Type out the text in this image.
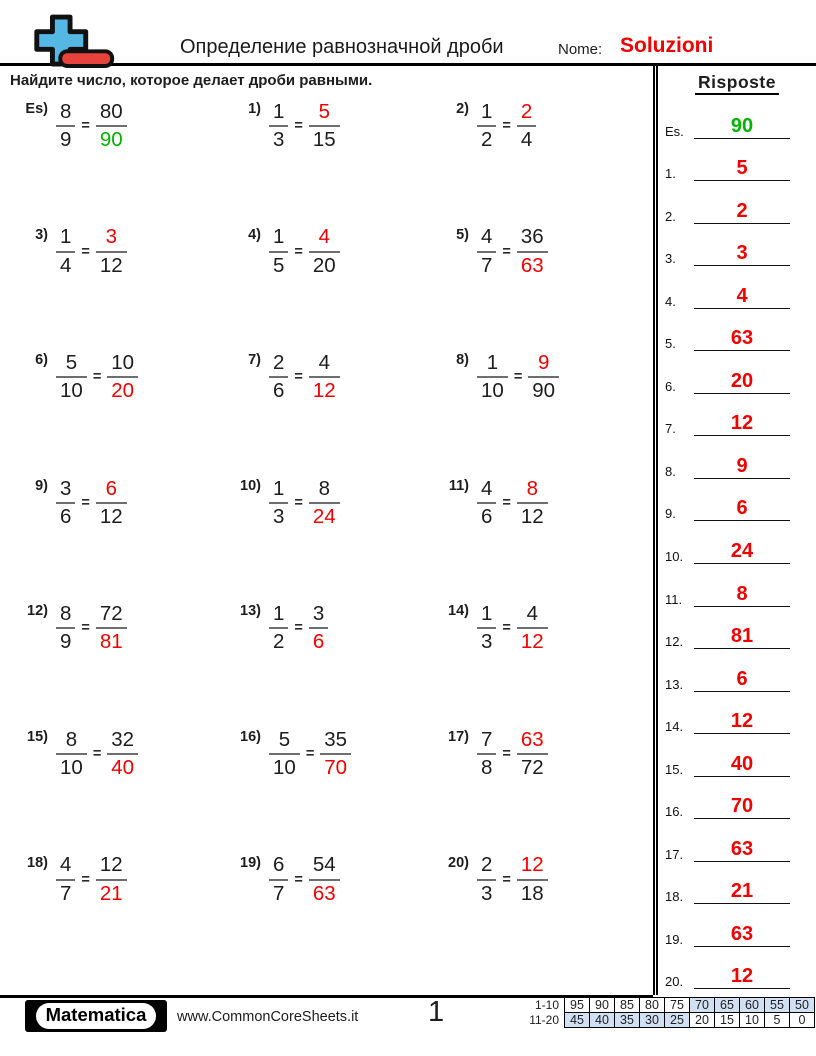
Определение равнозначной дроби	Nome: Soluzioni
Найдите число, которое делает дроби равными.
$Es) \frac{8}{9} = \frac{80}{90}$	$1) \frac{1}{3} = \frac{5}{15}$	$2) \frac{1}{2} = \frac{2}{4}$
$3) \frac{1}{4} = \frac{3}{12}$	$4) \frac{1}{5} = \frac{4}{20}$	$5) \frac{4}{7} = \frac{36}{63}$
$6) \frac{5}{10} = \frac{10}{20}$	$7) \frac{2}{6} = \frac{4}{12}$	$8) \frac{1}{10} = \frac{9}{90}$
$9) \frac{3}{6} = \frac{6}{12}$	$10) \frac{1}{3} = \frac{8}{24}$	$11) \frac{4}{6} = \frac{8}{12}$
$12) \frac{8}{9} = \frac{72}{81}$	$13) \frac{1}{2} = \frac{3}{6}$	$14) \frac{1}{3} = \frac{4}{12}$
$15) \frac{8}{10} = \frac{32}{40}$	$16) \frac{5}{10} = \frac{35}{70}$	$17) \frac{7}{8} = \frac{63}{72}$
$18) \frac{4}{7} = \frac{12}{21}$	$19) \frac{6}{7} = \frac{54}{63}$	$20) \frac{2}{3} = \frac{12}{18}$
Risposte
Es.	90
1.	5
2.	2
3.	3
4.	4
5.	63
6.	20
7.	12
8.	9
9.	6
10.	24
11.	8
12.	81
13.	6
14.	12
15.	40
16.	70
17.	63
18.	21
19.	63
20.	12
Matematica	www.CommonCoreSheets.it 1	1-10	95	90	85	80	75	70	65	60	55	50
11-20	45	40	35	30	25	20	15	10	5	0
